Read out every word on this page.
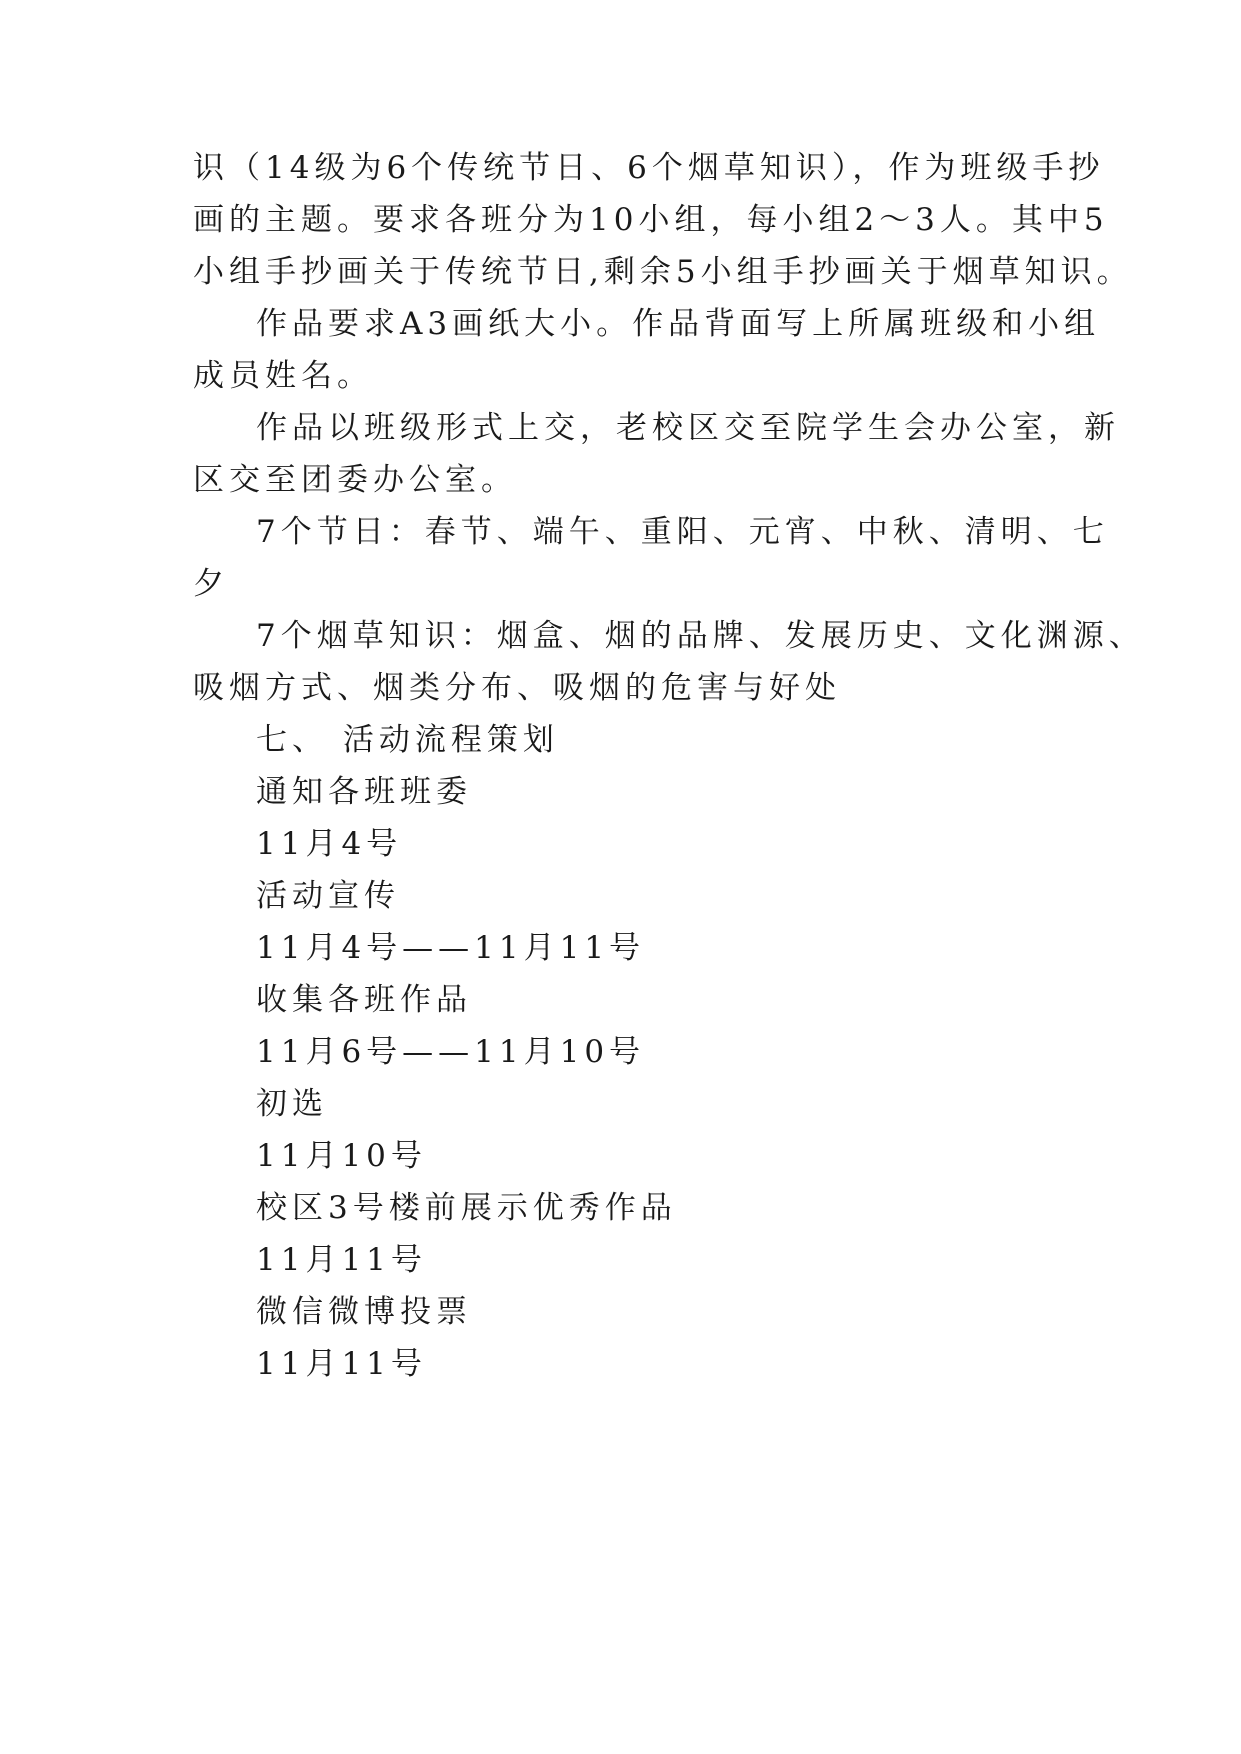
识（14级为6个传统节日、6个烟草知识），作为班级手抄
画的主题。要求各班分为10小组，每小组2～3人。其中5
小组手抄画关于传统节日,剩余5小组手抄画关于烟草知识。
作品要求A3画纸大小。作品背面写上所属班级和小组
成员姓名。
作品以班级形式上交，老校区交至院学生会办公室，新
区交至团委办公室。
7个节日：春节、端午、重阳、元宵、中秋、清明、七
夕
7个烟草知识：烟盒、烟的品牌、发展历史、文化渊源、
吸烟方式、烟类分布、吸烟的危害与好处
七、 活动流程策划
通知各班班委
11月4号
活动宣传
11月4号——11月11号
收集各班作品
11月6号——11月10号
初选
11月10号
校区3号楼前展示优秀作品
11月11号
微信微博投票
11月11号
